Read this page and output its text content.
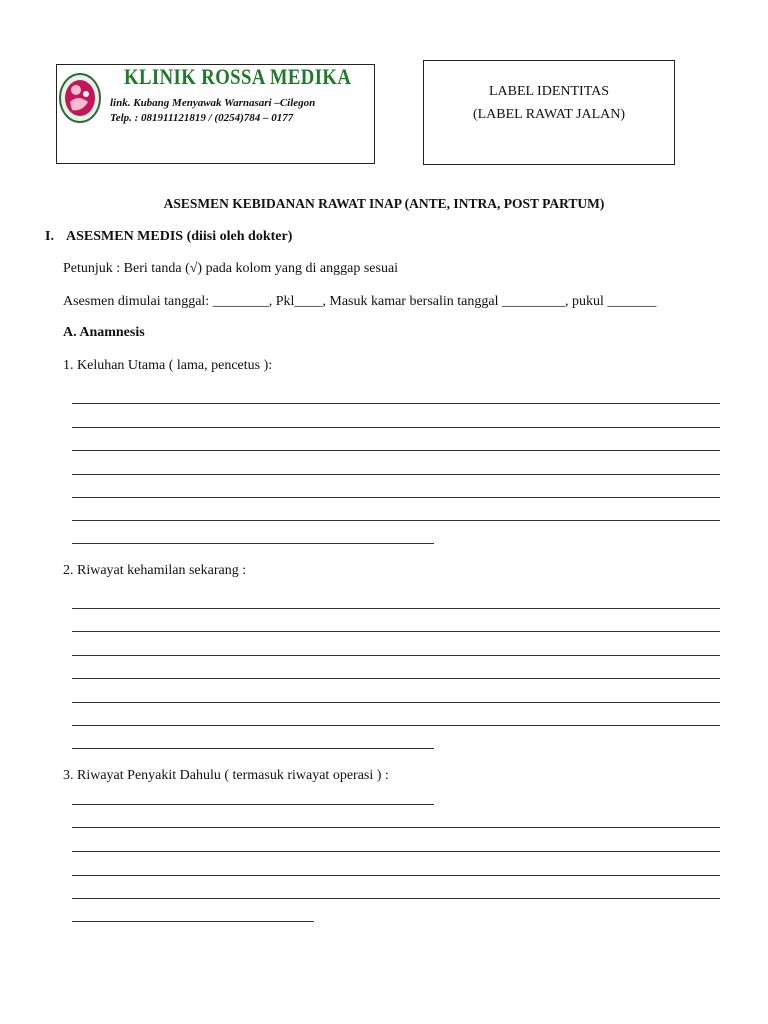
KLINIK ROSSA MEDIKA
link. Kubang Menyawak Warnasari –Cilegon
Telp. : 081911121819 / (0254)784 – 0177
LABEL IDENTITAS
(LABEL RAWAT JALAN)
ASESMEN KEBIDANAN RAWAT INAP (ANTE, INTRA, POST PARTUM)
I. ASESMEN MEDIS (diisi oleh dokter)
Petunjuk : Beri tanda (√) pada kolom yang di anggap sesuai
Asesmen dimulai tanggal: ________, Pkl____, Masuk kamar bersalin tanggal _________, pukul _______
A. Anamnesis
1. Keluhan Utama ( lama, pencetus ):
2. Riwayat kehamilan sekarang :
3. Riwayat Penyakit Dahulu ( termasuk riwayat operasi ) :
